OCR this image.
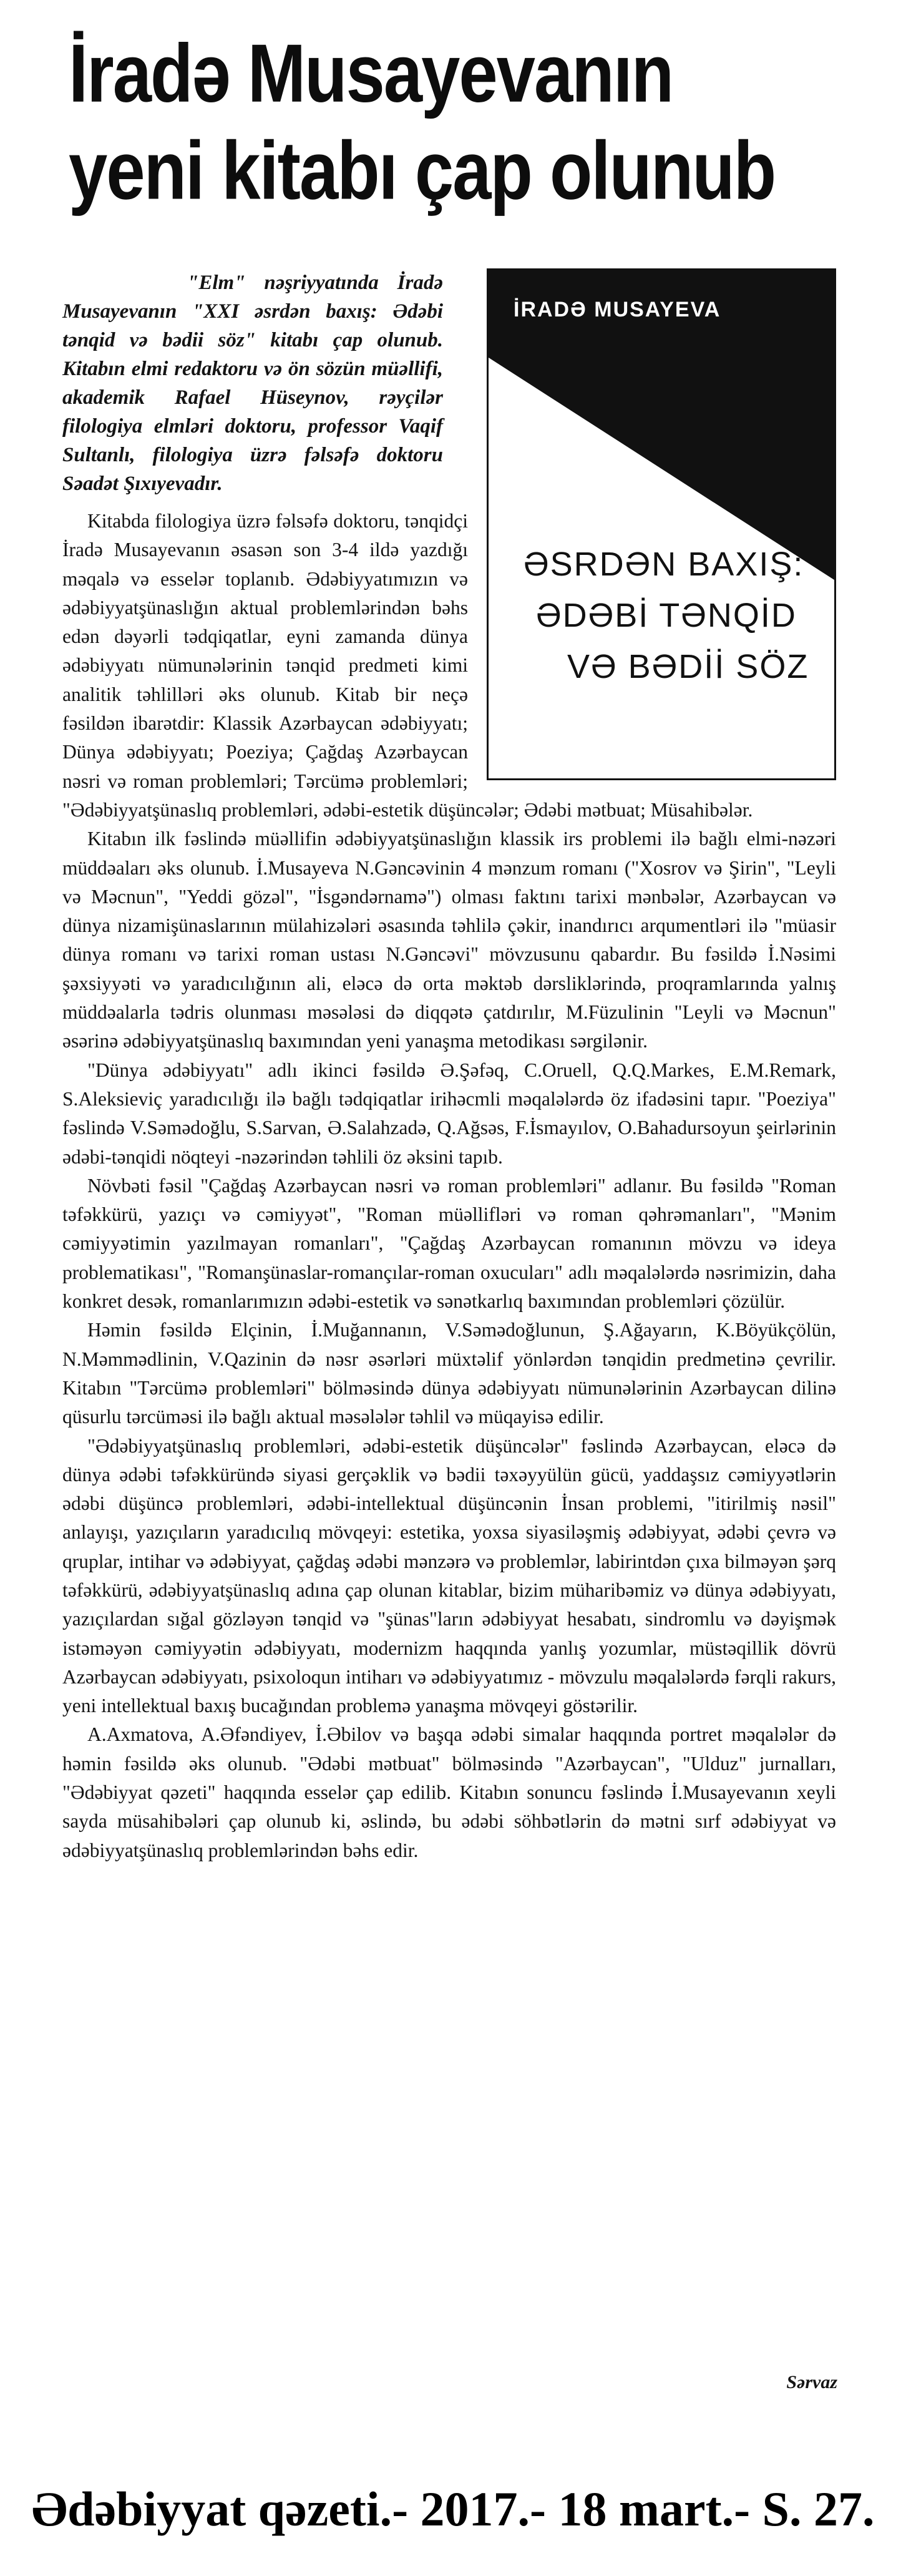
İradə Musayevanın
yeni kitabı çap olunub
İRADƏ MUSAYEVA
ƏSRDƏN BAXIŞ:
ƏDƏBİ TƏNQİD
VƏ BƏDİİ SÖZ

"Elm" nəşriyyatında İradə Musayevanın "XXI əsrdən baxış: Ədəbi tənqid və bədii söz" kitabı çap olunub. Kitabın elmi redaktoru və ön sözün müəllifi, akademik Rafael Hüseynov, rəyçilər filologiya elmləri doktoru, professor Vaqif Sultanlı, filologiya üzrə fəlsəfə doktoru Səadət Şıxıyevadır.

Kitabda filologiya üzrə fəlsəfə doktoru, tənqidçi İradə Musayevanın əsasən son 3-4 ildə yazdığı məqalə və esselər toplanıb. Ədəbiyyatımızın və ədəbiyyatşünaslığın aktual problemlərindən bəhs edən dəyərli tədqiqatlar, eyni zamanda dünya ədəbiyyatı nümunələrinin tənqid predmeti kimi analitik təhlilləri əks olunub. Kitab bir neçə fəsildən ibarətdir: Klassik Azərbaycan ədəbiyyatı; Dünya ədəbiyyatı; Poeziya; Çağdaş Azərbaycan nəsri və roman problemləri; Tərcümə problemləri; "Ədəbiyyatşünaslıq problemləri, ədəbi-estetik düşüncələr; Ədəbi mətbuat; Müsahibələr.

Kitabın ilk fəslində müəllifin ədəbiyyatşünaslığın klassik irs problemi ilə bağlı elmi-nəzəri müddəaları əks olunub. İ.Musayeva N.Gəncəvinin 4 mənzum romanı ("Xosrov və Şirin", "Leyli və Məcnun", "Yeddi gözəl", "İsgəndərnamə") olması faktını tarixi mənbələr, Azərbaycan və dünya nizamişünaslarının mülahizələri əsasında təhlilə çəkir, inandırıcı arqumentləri ilə "müasir dünya romanı və tarixi roman ustası N.Gəncəvi" mövzusunu qabardır. Bu fəsildə İ.Nəsimi şəxsiyyəti və yaradıcılığının ali, eləcə də orta məktəb dərsliklərində, proqramlarında yalnış müddəalarla tədris olunması məsələsi də diqqətə çatdırılır, M.Füzulinin "Leyli və Məcnun" əsərinə ədəbiyyatşünaslıq baxımından yeni yanaşma metodikası sərgilənir.

"Dünya ədəbiyyatı" adlı ikinci fəsildə Ə.Şəfəq, C.Oruell, Q.Q.Markes, E.M.Remark, S.Aleksieviç yaradıcılığı ilə bağlı tədqiqatlar irihəcmli məqalələrdə öz ifadəsini tapır. "Poeziya" fəslində V.Səmədoğlu, S.Sarvan, Ə.Salahzadə, Q.Ağsəs, F.İsmayılov, O.Bahadursoyun şeirlərinin ədəbi-tənqidi nöqteyi -nəzərindən təhlili öz əksini tapıb.

Növbəti fəsil "Çağdaş Azərbaycan nəsri və roman problemləri" adlanır. Bu fəsildə "Roman təfəkkürü, yazıçı və cəmiyyət", "Roman müəllifləri və roman qəhrəmanları", "Mənim cəmiyyətimin yazılmayan romanları", "Çağdaş Azərbaycan romanının mövzu və ideya problematikası", "Romanşünaslar-romançılar-roman oxucuları" adlı məqalələrdə nəsrimizin, daha konkret desək, romanlarımızın ədəbi-estetik və sənətkarlıq baxımından problemləri çözülür.

Həmin fəsildə Elçinin, İ.Muğannanın, V.Səmədoğlunun, Ş.Ağayarın, K.Böyükçölün, N.Məmmədlinin, V.Qazinin də nəsr əsərləri müxtəlif yönlərdən tənqidin predmetinə çevrilir. Kitabın "Tərcümə problemləri" bölməsində dünya ədəbiyyatı nümunələrinin Azərbaycan dilinə qüsurlu tərcüməsi ilə bağlı aktual məsələlər təhlil və müqayisə edilir.

"Ədəbiyyatşünaslıq problemləri, ədəbi-estetik düşüncələr" fəslində Azərbaycan, eləcə də dünya ədəbi təfəkküründə siyasi gerçəklik və bədii təxəyyülün gücü, yaddaşsız cəmiyyətlərin ədəbi düşüncə problemləri, ədəbi-intellektual düşüncənin İnsan problemi, "itirilmiş nəsil" anlayışı, yazıçıların yaradıcılıq mövqeyi: estetika, yoxsa siyasiləşmiş ədəbiyyat, ədəbi çevrə və qruplar, intihar və ədəbiyyat, çağdaş ədəbi mənzərə və problemlər, labirintdən çıxa bilməyən şərq təfəkkürü, ədəbiyyatşünaslıq adına çap olunan kitablar, bizim müharibəmiz və dünya ədəbiyyatı, yazıçılardan sığal gözləyən tənqid və "şünas"ların ədəbiyyat hesabatı, sindromlu və dəyişmək istəməyən cəmiyyətin ədəbiyyatı, modernizm haqqında yanlış yozumlar, müstəqillik dövrü Azərbaycan ədəbiyyatı, psixoloqun intiharı və ədəbiyyatımız - mövzulu məqalələrdə fərqli rakurs, yeni intellektual baxış bucağından problemə yanaşma mövqeyi göstərilir.

A.Axmatova, A.Əfəndiyev, İ.Əbilov və başqa ədəbi simalar haqqında portret məqalələr də həmin fəsildə əks olunub. "Ədəbi mətbuat" bölməsində "Azərbaycan", "Ulduz" jurnalları, "Ədəbiyyat qəzeti" haqqında esselər çap edilib. Kitabın sonuncu fəslində İ.Musayevanın xeyli sayda müsahibələri çap olunub ki, əslində, bu ədəbi söhbətlərin də mətni sırf ədəbiyyat və ədəbiyyatşünaslıq problemlərindən bəhs edir.

Sərvaz
Ədəbiyyat qəzeti.- 2017.- 18 mart.- S. 27.
